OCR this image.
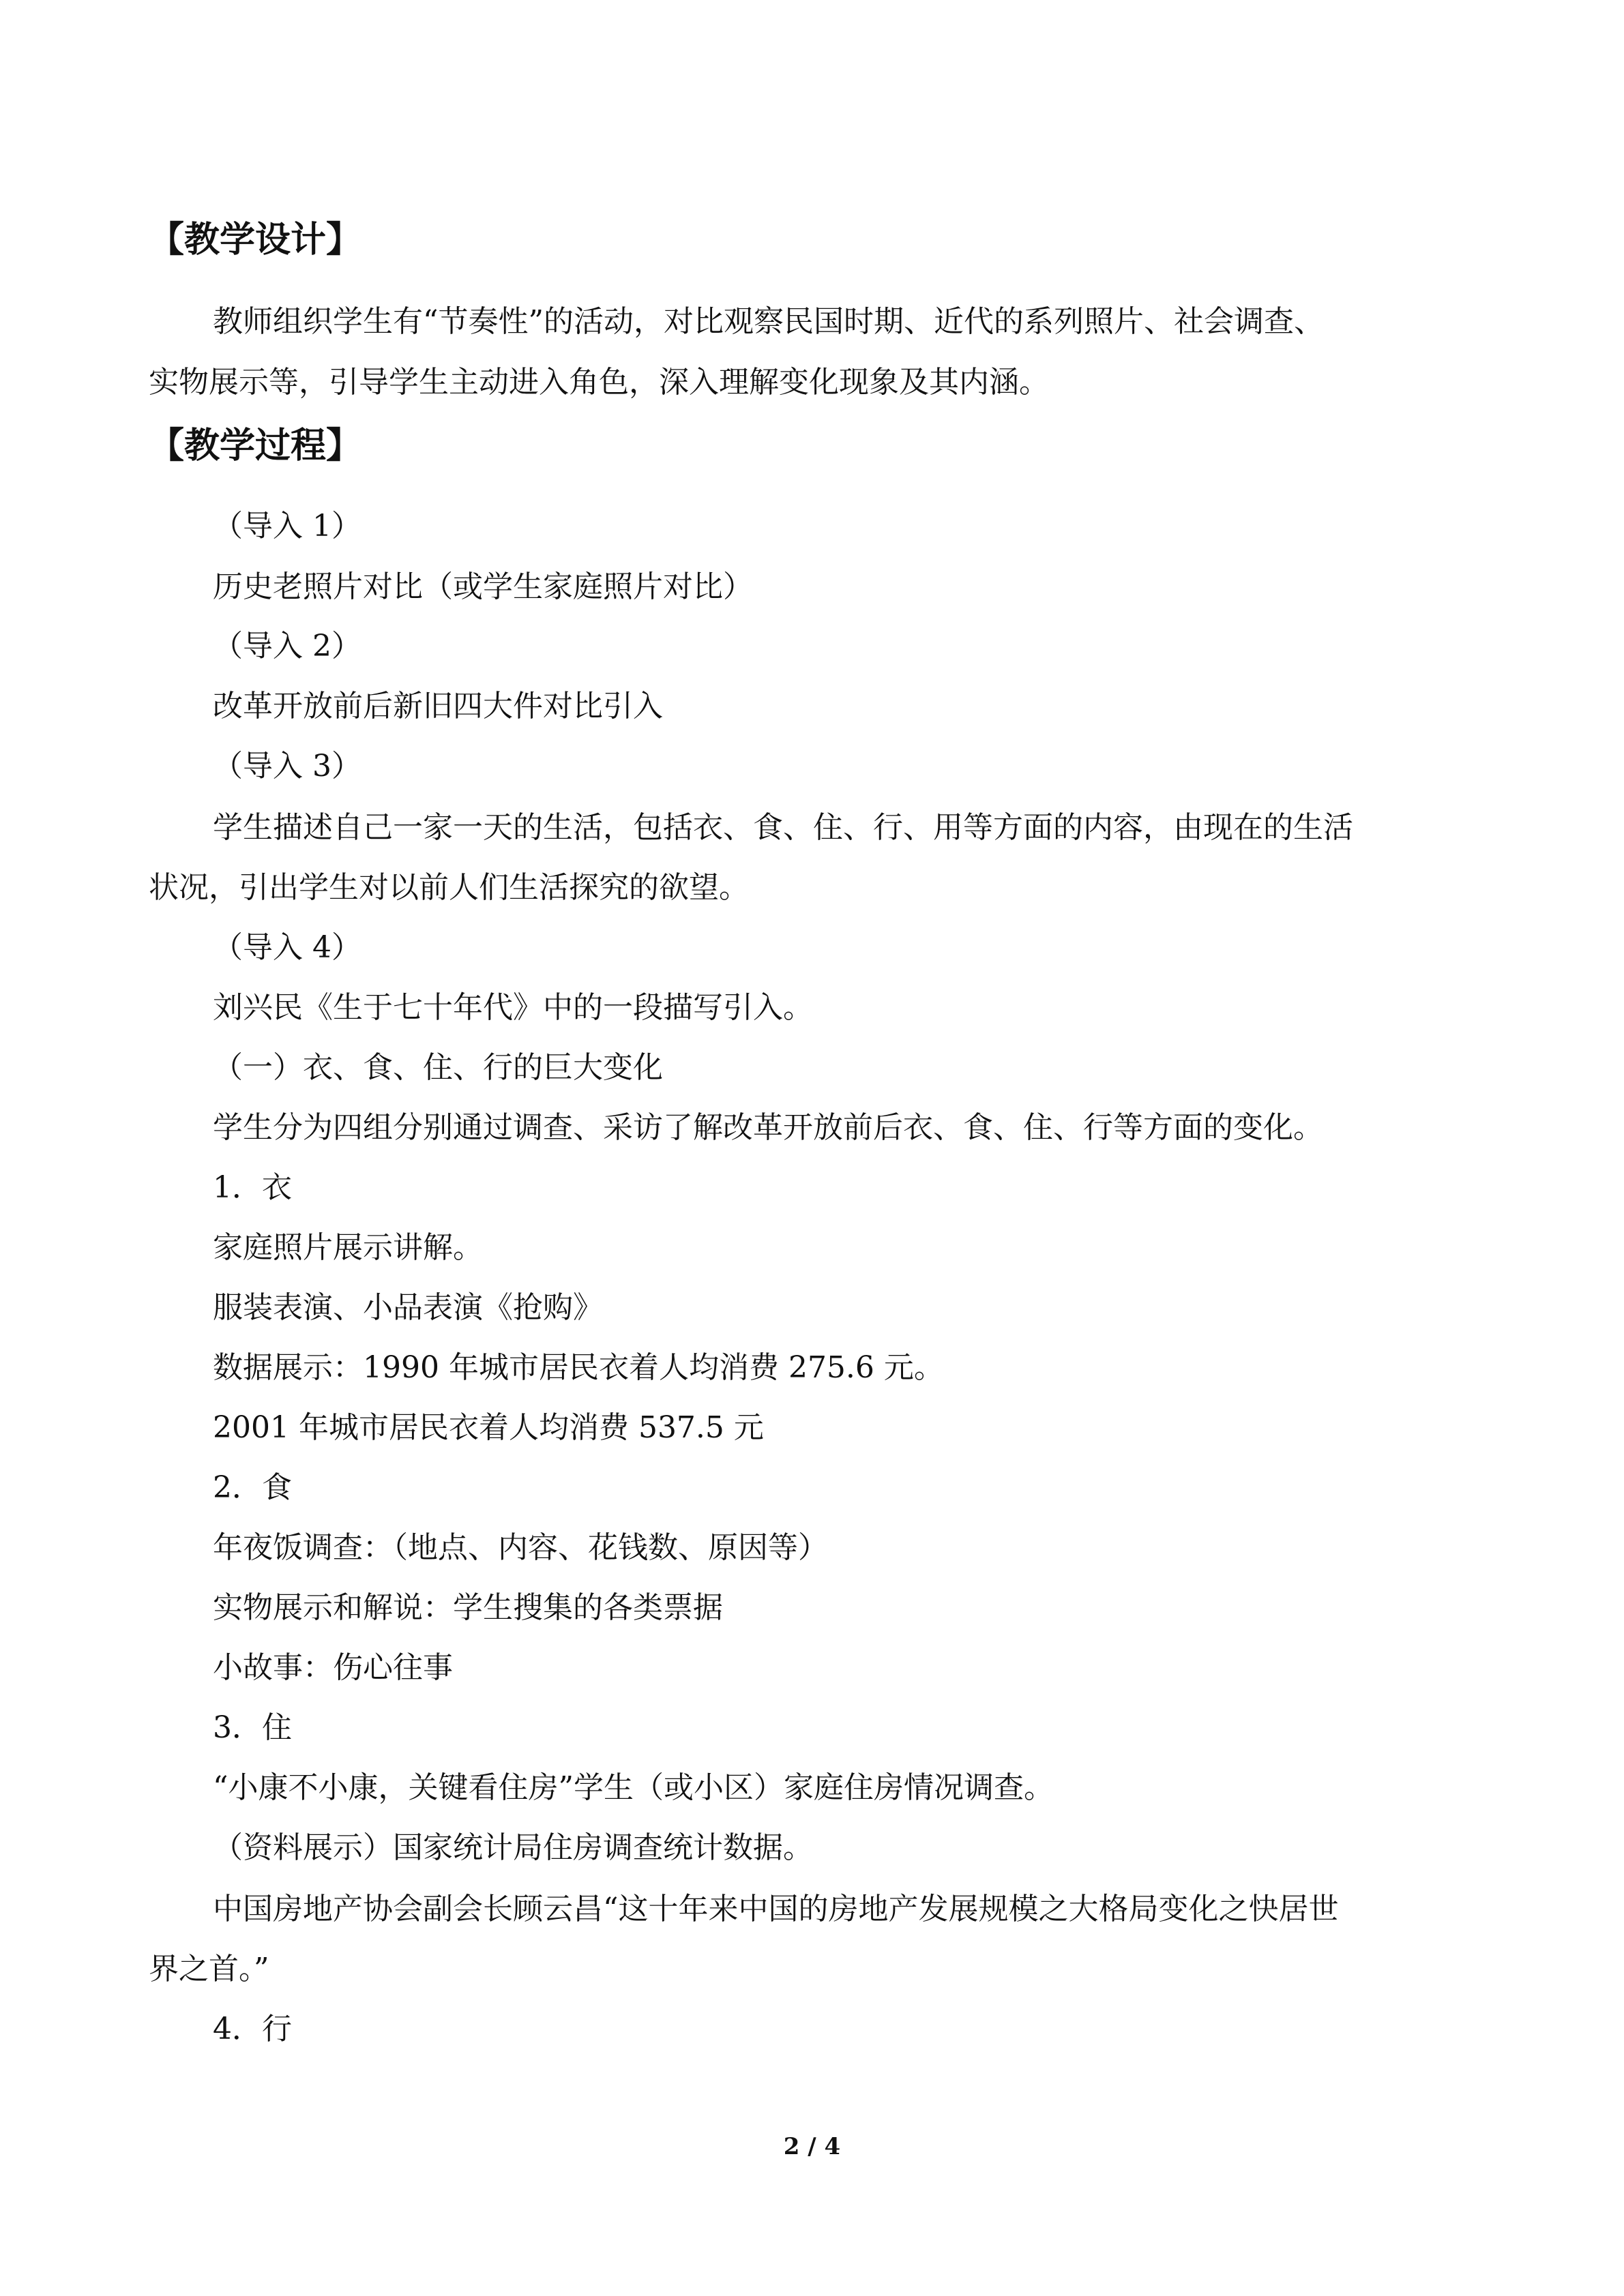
【教学设计】
教师组织学生有“节奏性”的活动，对比观察民国时期、近代的系列照片、社会调查、
实物展示等，引导学生主动进入角色，深入理解变化现象及其内涵。
【教学过程】
（导入 1）
历史老照片对比（或学生家庭照片对比）
（导入 2）
改革开放前后新旧四大件对比引入
（导入 3）
学生描述自己一家一天的生活，包括衣、食、住、行、用等方面的内容，由现在的生活
状况，引出学生对以前人们生活探究的欲望。
（导入 4）
刘兴民《生于七十年代》中的一段描写引入。
（一）衣、食、住、行的巨大变化
学生分为四组分别通过调查、采访了解改革开放前后衣、食、住、行等方面的变化。
1．衣
家庭照片展示讲解。
服装表演、小品表演《抢购》
数据展示：1990 年城市居民衣着人均消费 275.6 元。
2001 年城市居民衣着人均消费 537.5 元
2．食
年夜饭调查：（地点、内容、花钱数、原因等）
实物展示和解说：学生搜集的各类票据
小故事：伤心往事
3．住
“小康不小康，关键看住房”学生（或小区）家庭住房情况调查。
（资料展示）国家统计局住房调查统计数据。
中国房地产协会副会长顾云昌“这十年来中国的房地产发展规模之大格局变化之快居世
界之首。”
4．行
2 / 4
